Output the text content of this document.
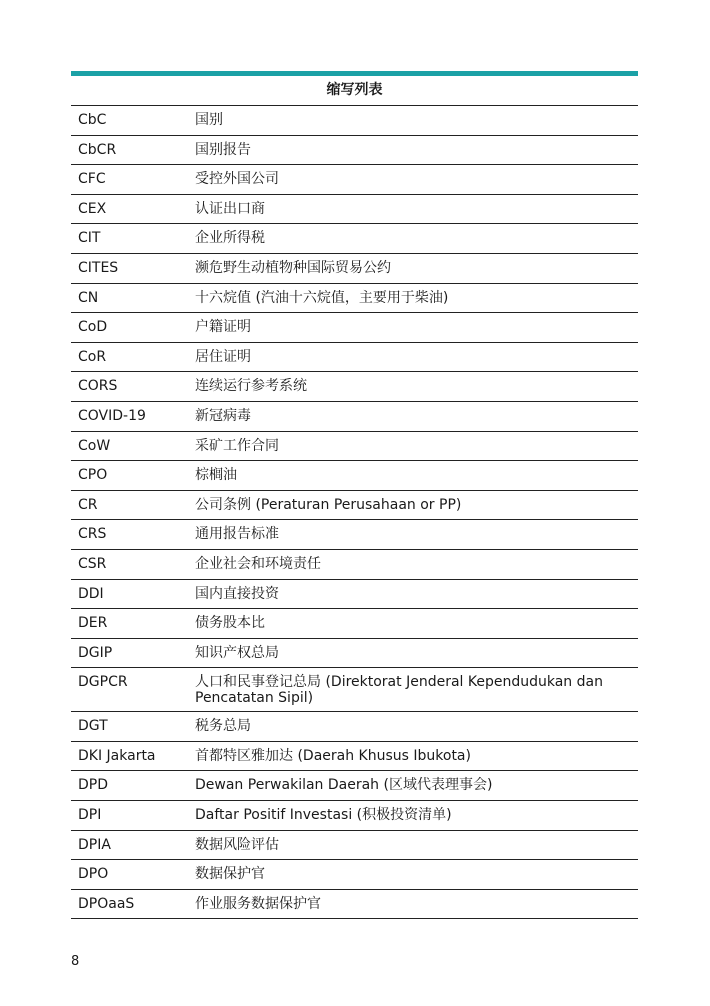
缩写列表
CbC	国别
CbCR	国别报告
CFC	受控外国公司
CEX	认证出口商
CIT	企业所得税
CITES	濒危野生动植物种国际贸易公约
CN	十六烷值 (汽油十六烷值，主要用于柴油)
CoD	户籍证明
CoR	居住证明
CORS	连续运行参考系统
COVID-19	新冠病毒
CoW	采矿工作合同
CPO	棕榈油
CR	公司条例 (Peraturan Perusahaan or PP)
CRS	通用报告标准
CSR	企业社会和环境责任
DDI	国内直接投资
DER	债务股本比
DGIP	知识产权总局
DGPCR	人口和民事登记总局 (Direktorat Jenderal Kependudukan dan Pencatatan Sipil)
DGT	税务总局
DKI Jakarta	首都特区雅加达 (Daerah Khusus Ibukota)
DPD	Dewan Perwakilan Daerah (区域代表理事会)
DPI	Daftar Positif Investasi (积极投资清单)
DPIA	数据风险评估
DPO	数据保护官
DPOaaS	作业服务数据保护官
8
